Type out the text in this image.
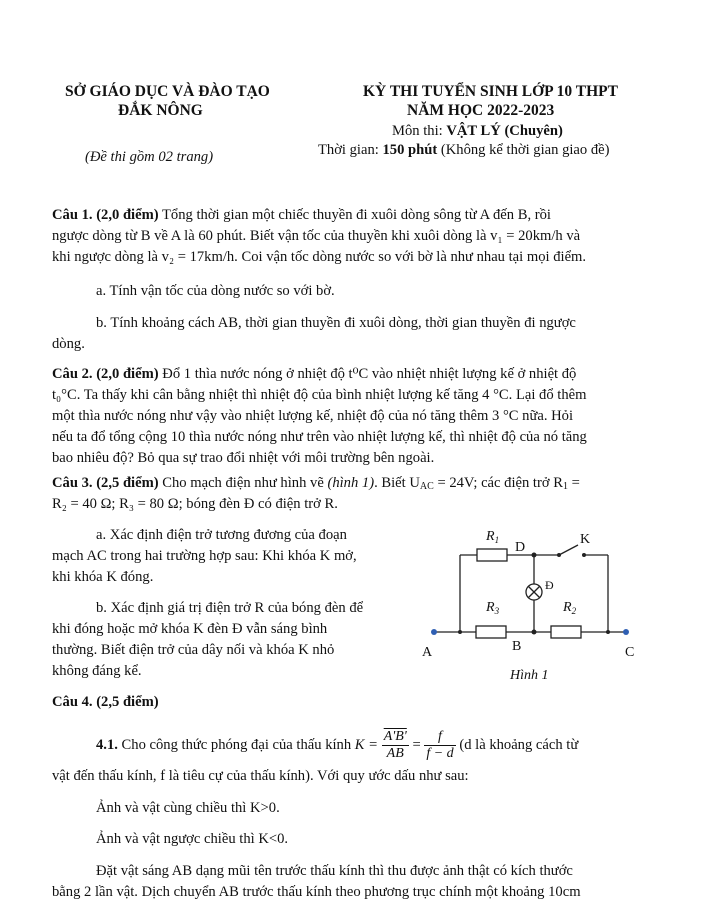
SỞ GIÁO DỤC VÀ ĐÀO TẠO
ĐẮK NÔNG
(Đề thi gồm 02 trang)
KỲ THI TUYỂN SINH LỚP 10 THPT
NĂM HỌC 2022-2023
Môn thi: VẬT LÝ (Chuyên)
Thời gian: 150 phút (Không kể thời gian giao đề)
Câu 1. (2,0 điểm) Tổng thời gian một chiếc thuyền đi xuôi dòng sông từ A đến B, rồi
ngược dòng từ B về A là 60 phút. Biết vận tốc của thuyền khi xuôi dòng là v₁ = 20km/h và
khi ngược dòng là v₂ = 17km/h. Coi vận tốc dòng nước so với bờ là như nhau tại mọi điểm.
a. Tính vận tốc của dòng nước so với bờ.
b. Tính khoảng cách AB, thời gian thuyền đi xuôi dòng, thời gian thuyền đi ngược
dòng.
Câu 2. (2,0 điểm) Đổ 1 thìa nước nóng ở nhiệt độ t⁰C vào nhiệt nhiệt lượng kế ở nhiệt độ
t₀°C. Ta thấy khi cân bằng nhiệt thì nhiệt độ của bình nhiệt lượng kế tăng 4 °C. Lại đổ thêm
một thìa nước nóng như vậy vào nhiệt lượng kế, nhiệt độ của nó tăng thêm 3 °C nữa. Hỏi
nếu ta đổ tổng cộng 10 thìa nước nóng như trên vào nhiệt lượng kế, thì nhiệt độ của nó tăng
bao nhiêu độ? Bỏ qua sự trao đổi nhiệt với môi trường bên ngoài.
Câu 3. (2,5 điểm) Cho mạch điện như hình vẽ (hình 1). Biết $U_{AC} = 24V$; các điện trở $R_1$ =
R₂ = 40 Ω; R₃ = 80 Ω; bóng đèn Đ có điện trở R.
a. Xác định điện trở tương đương của đoạn
mạch AC trong hai trường hợp sau: Khi khóa K mở,
khi khóa K đóng.
b. Xác định giá trị điện trở R của bóng đèn để
khi đóng hoặc mở khóa K đèn Đ vẫn sáng bình
thường. Biết điện trở của dây nối và khóa K nhỏ
không đáng kể.
$R_1$
$R_3$	$R_2$
D
K
Đ
B
A	C
Hình 1
Câu 4. (2,5 điểm)
4.1. Cho công thức phóng đại của thấu kính $K = \frac{A'B'}{AB} = \frac{f}{f - d} (d$ là khoảng cách từ
vật đến thấu kính, f là tiêu cự của thấu kính). Với quy ước dấu như sau:
Ảnh và vật cùng chiều thì K>0.
Ảnh và vật ngược chiều thì K<0.
Đặt vật sáng AB dạng mũi tên trước thấu kính thì thu được ảnh thật có kích thước
bằng 2 lần vật. Dịch chuyển AB trước thấu kính theo phương trục chính một khoảng 10cm
